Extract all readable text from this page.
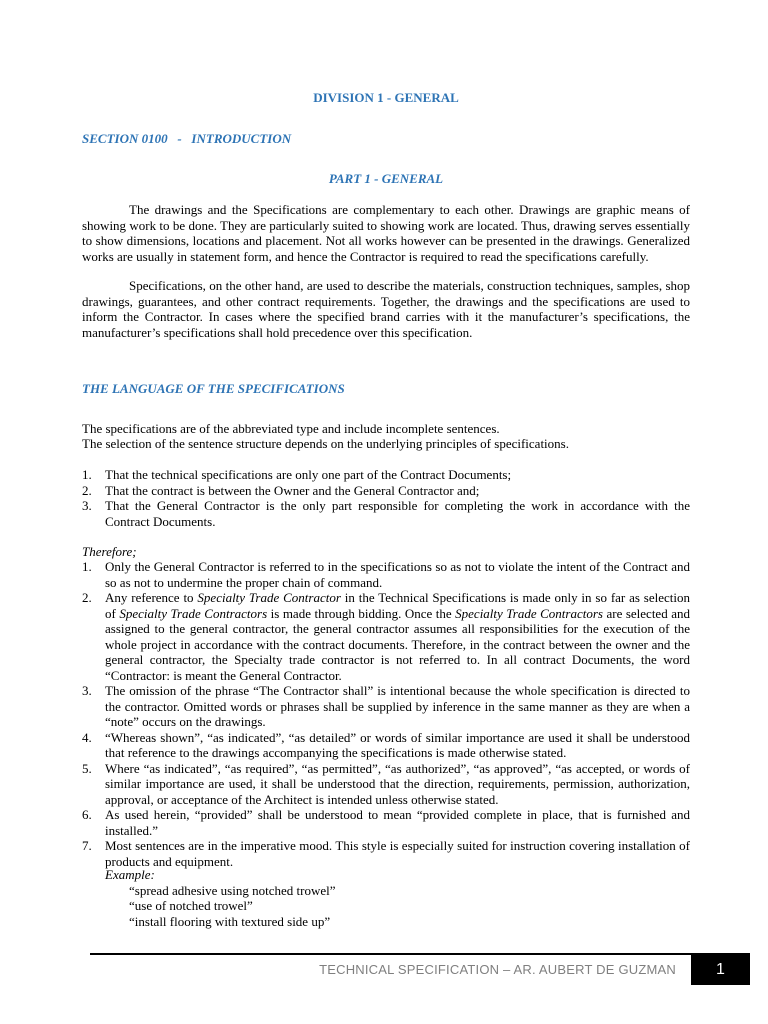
DIVISION 1 - GENERAL
SECTION 0100   -   INTRODUCTION
PART 1 - GENERAL
The drawings and the Specifications are complementary to each other. Drawings are graphic means of showing work to be done. They are particularly suited to showing work are located. Thus, drawing serves essentially to show dimensions, locations and placement. Not all works however can be presented in the drawings. Generalized works are usually in statement form, and hence the Contractor is required to read the specifications carefully.
Specifications, on the other hand, are used to describe the materials, construction techniques, samples, shop drawings, guarantees, and other contract requirements. Together, the drawings and the specifications are used to inform the Contractor. In cases where the specified brand carries with it the manufacturer’s specifications, the manufacturer’s specifications shall hold precedence over this specification.
THE LANGUAGE OF THE SPECIFICATIONS
The specifications are of the abbreviated type and include incomplete sentences.
The selection of the sentence structure depends on the underlying principles of specifications.
1. That the technical specifications are only one part of the Contract Documents;
2. That the contract is between the Owner and the General Contractor and;
3. That the General Contractor is the only part responsible for completing the work in accordance with the Contract Documents.
Therefore;
1. Only the General Contractor is referred to in the specifications so as not to violate the intent of the Contract and so as not to undermine the proper chain of command.
2. Any reference to Specialty Trade Contractor in the Technical Specifications is made only in so far as selection of Specialty Trade Contractors is made through bidding. Once the Specialty Trade Contractors are selected and assigned to the general contractor, the general contractor assumes all responsibilities for the execution of the whole project in accordance with the contract documents. Therefore, in the contract between the owner and the general contractor, the Specialty trade contractor is not referred to. In all contract Documents, the word “Contractor: is meant the General Contractor.
3. The omission of the phrase “The Contractor shall” is intentional because the whole specification is directed to the contractor. Omitted words or phrases shall be supplied by inference in the same manner as they are when a “note” occurs on the drawings.
4. “Whereas shown”, “as indicated”, “as detailed” or words of similar importance are used it shall be understood that reference to the drawings accompanying the specifications is made otherwise stated.
5. Where “as indicated”, “as required”, “as permitted”, “as authorized”, “as approved”, “as accepted, or words of similar importance are used, it shall be understood that the direction, requirements, permission, authorization, approval, or acceptance of the Architect is intended unless otherwise stated.
6. As used herein, “provided” shall be understood to mean “provided complete in place, that is furnished and installed.”
7. Most sentences are in the imperative mood. This style is especially suited for instruction covering installation of products and equipment.
Example:
“spread adhesive using notched trowel”
“use of notched trowel”
“install flooring with textured side up”
TECHNICAL SPECIFICATION – AR. AUBERT DE GUZMAN	1
